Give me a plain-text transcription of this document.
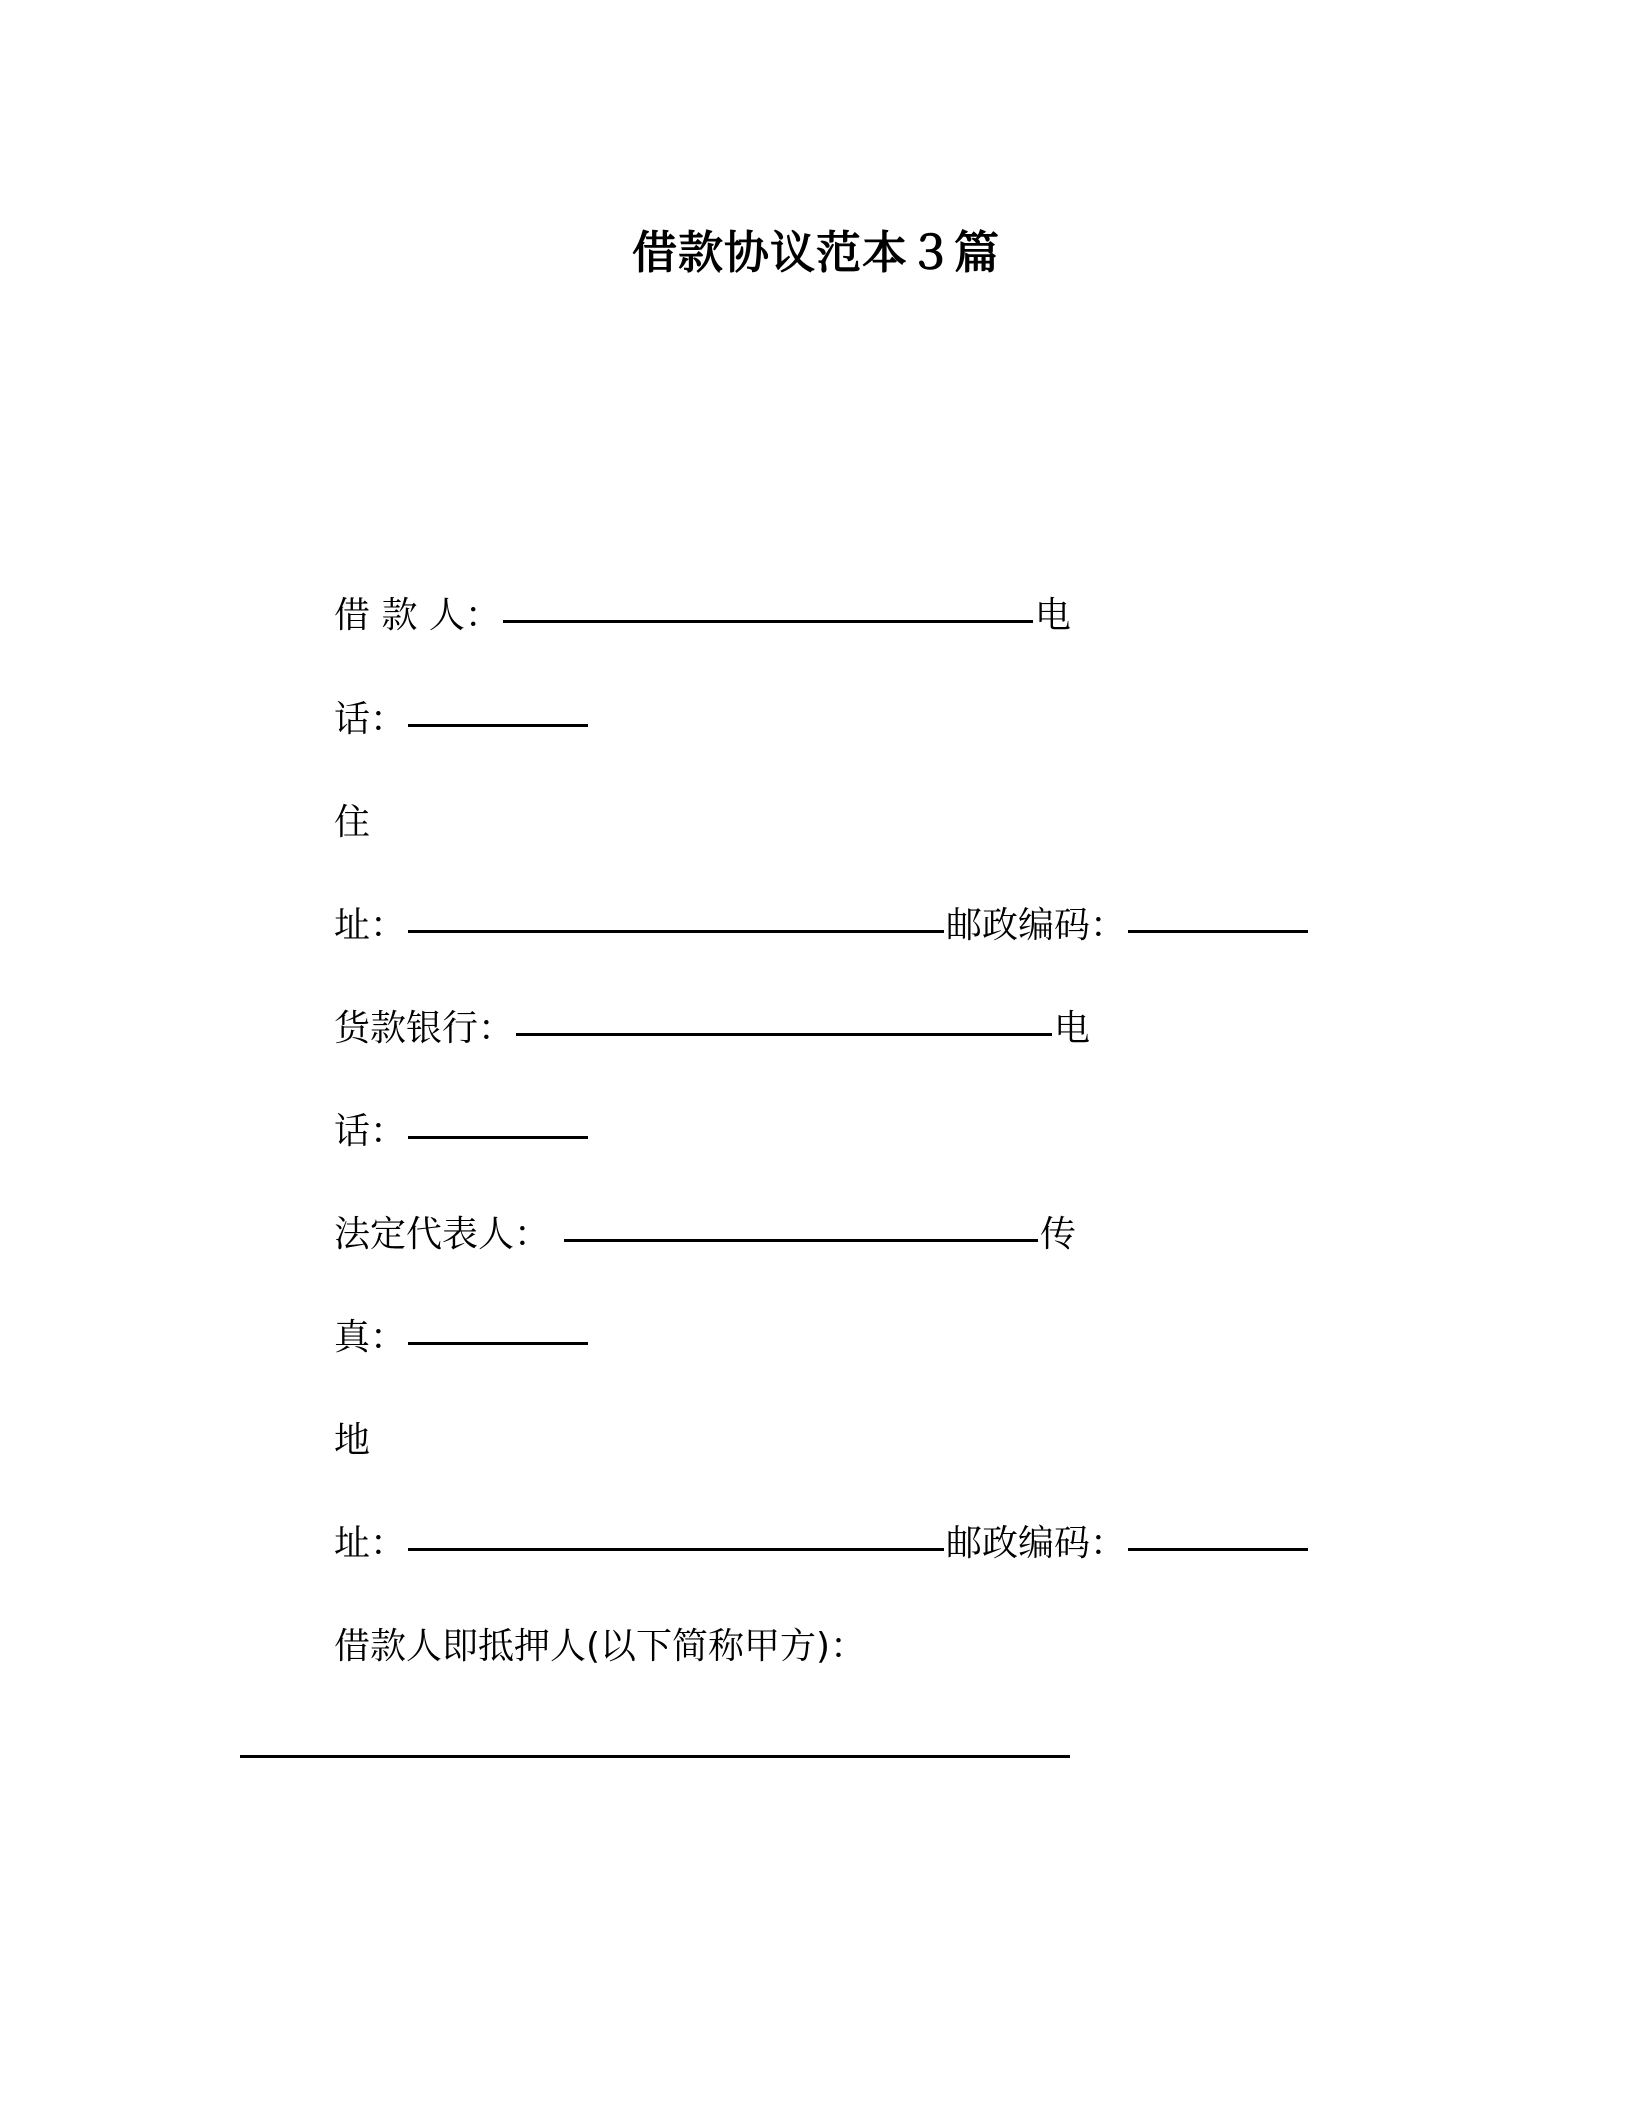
借款协议范本３篇
借 款 人：	电
话：
住
址：	邮政编码：
货款银行：	电
话：
法定代表人：	传
真：
地
址：	邮政编码：
借款人即抵押人(以下简称甲方)：
